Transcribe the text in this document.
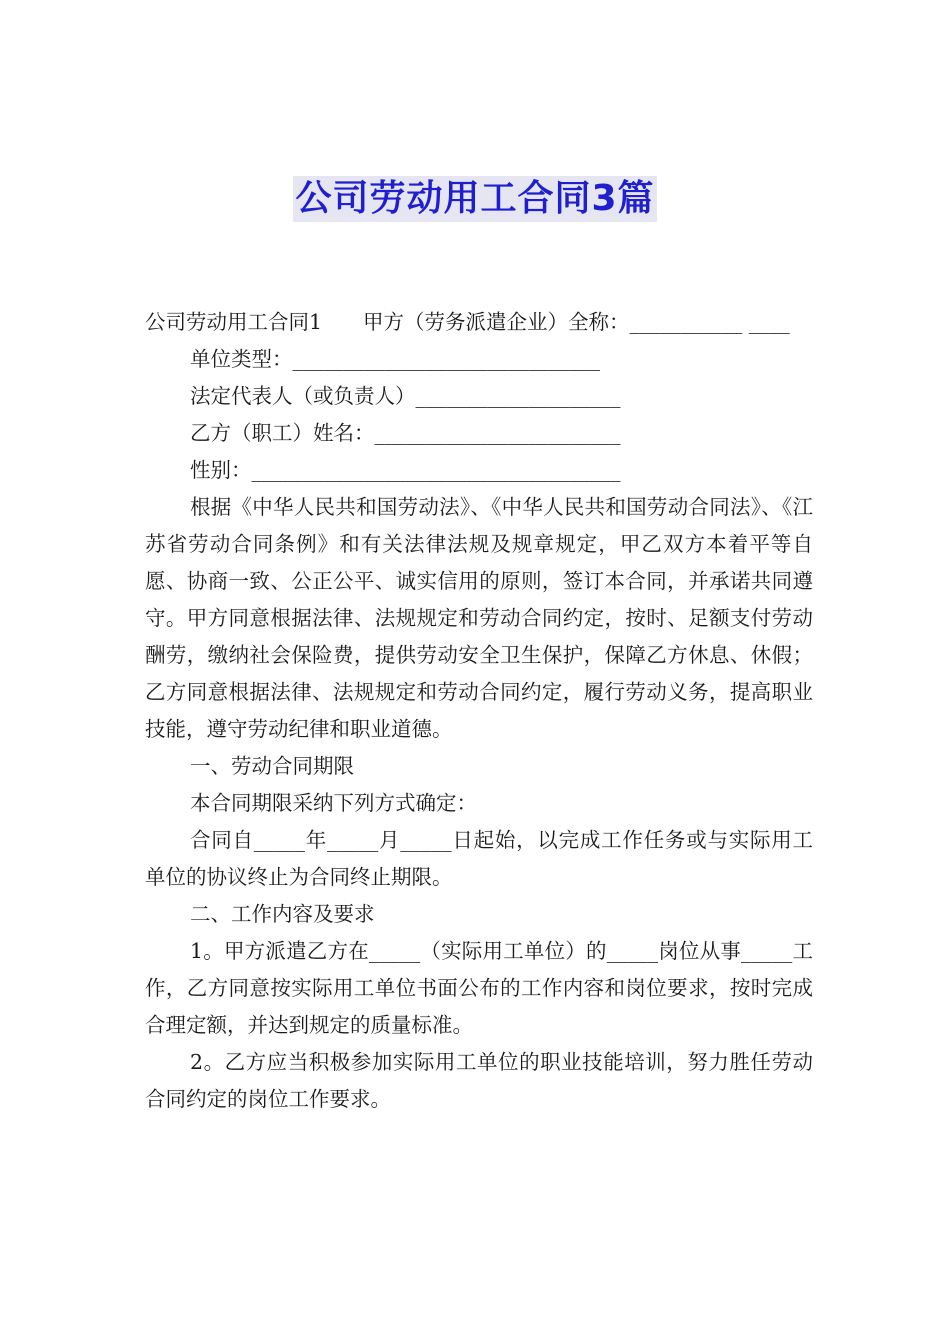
公司劳动用工合同3篇

公司劳动用工合同1　　甲方（劳务派遣企业）全称：___________ ____

单位类型：______________________________

法定代表人（或负责人）____________________

乙方（职工）姓名：________________________

性别：____________________________________

根据《中华人民共和国劳动法》、《中华人民共和国劳动合同法》、《江苏省劳动合同条例》和有关法律法规及规章规定，甲乙双方本着平等自愿、协商一致、公正公平、诚实信用的原则，签订本合同，并承诺共同遵守。甲方同意根据法律、法规规定和劳动合同约定，按时、足额支付劳动酬劳，缴纳社会保险费，提供劳动安全卫生保护，保障乙方休息、休假；乙方同意根据法律、法规规定和劳动合同约定，履行劳动义务，提高职业技能，遵守劳动纪律和职业道德。

一、劳动合同期限

本合同期限采纳下列方式确定：

合同自_____年_____月_____日起始，以完成工作任务或与实际用工单位的协议终止为合同终止期限。

二、工作内容及要求

1。甲方派遣乙方在_____（实际用工单位）的_____岗位从事_____工作，乙方同意按实际用工单位书面公布的工作内容和岗位要求，按时完成合理定额，并达到规定的质量标准。

2。乙方应当积极参加实际用工单位的职业技能培训，努力胜任劳动合同约定的岗位工作要求。
